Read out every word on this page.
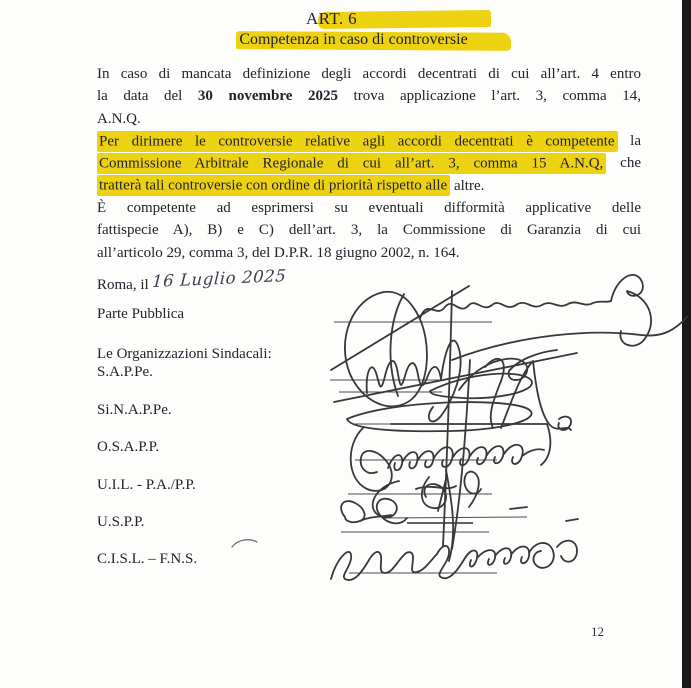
ART. 6
Competenza in caso di controversie
In caso di mancata definizione degli accordi decentrati di cui all’art. 4 entro
la data del 30 novembre 2025 trova applicazione l’art. 3, comma 14,
A.N.Q.
Per dirimere le controversie relative agli accordi decentrati è competente la
Commissione Arbitrale Regionale di cui all’art. 3, comma 15 A.N.Q, che
tratterà tali controversie con ordine di priorità rispetto alle altre.
È competente ad esprimersi su eventuali difformità applicative delle
fattispecie A), B) e C) dell’art. 3, la Commissione di Garanzia di cui
all’articolo 29, comma 3, del D.P.R. 18 giugno 2002, n. 164.
Roma, il 16 Luglio 2025
Parte Pubblica
Le Organizzazioni Sindacali:
S.A.P.Pe.
Si.N.A.P.Pe.
O.S.A.P.P.
U.I.L. - P.A./P.P.
U.S.P.P.
C.I.S.L. – F.N.S.
12
